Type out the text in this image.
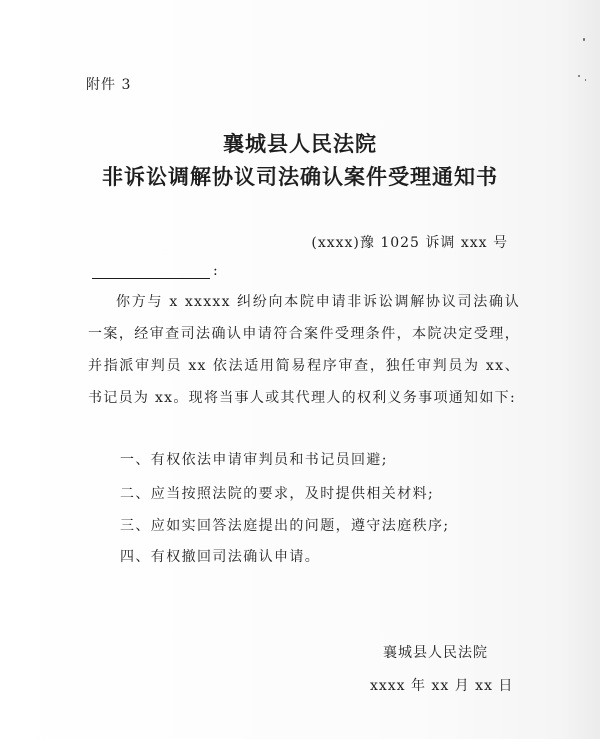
附件 3
襄城县人民法院
非诉讼调解协议司法确认案件受理通知书
(xxxx)豫 1025 诉调 xxx 号
:

你方与 x xxxxx 纠纷向本院申请非诉讼调解协议司法确认一案，经审查司法确认申请符合案件受理条件，本院决定受理，并指派审判员 xx 依法适用简易程序审查，独任审判员为 xx、书记员为 xx。现将当事人或其代理人的权利义务事项通知如下:

一、有权依法申请审判员和书记员回避;
二、应当按照法院的要求，及时提供相关材料;
三、应如实回答法庭提出的问题，遵守法庭秩序;
四、有权撤回司法确认申请。
襄城县人民法院
xxxx 年 xx 月 xx 日
